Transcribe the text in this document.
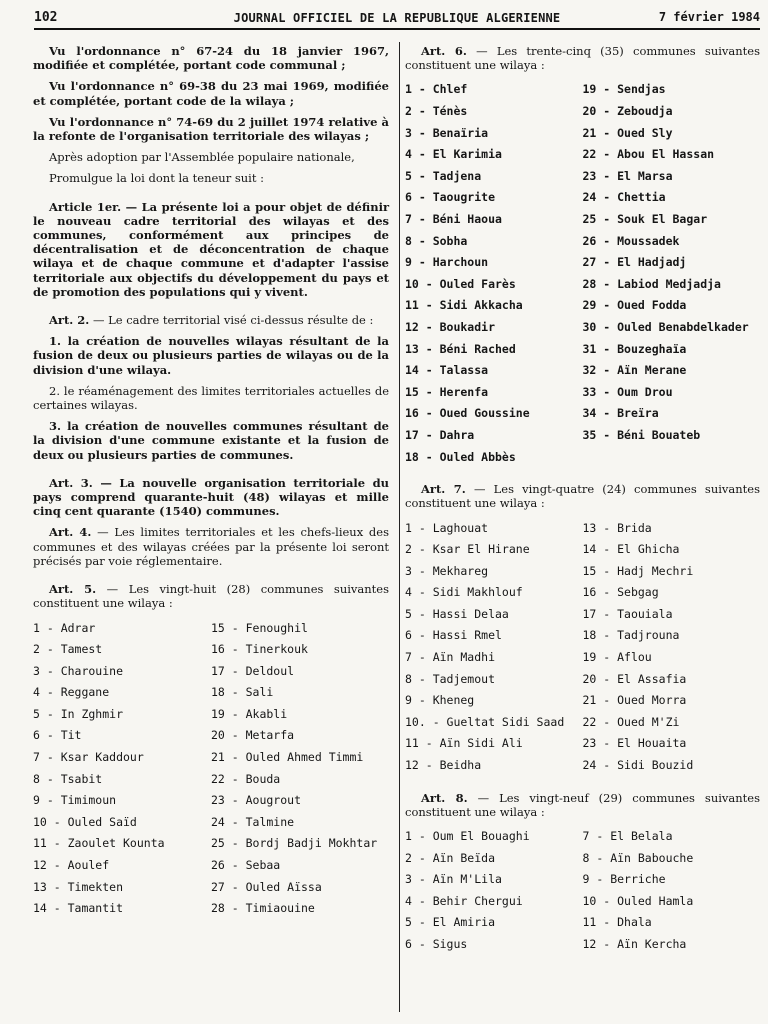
102	JOURNAL OFFICIEL DE LA REPUBLIQUE ALGERIENNE	7 février 1984

Vu l'ordonnance n° 67-24 du 18 janvier 1967, modifiée et complétée, portant code communal ;

Vu l'ordonnance n° 69-38 du 23 mai 1969, modifiée et complétée, portant code de la wilaya ;

Vu l'ordonnance n° 74-69 du 2 juillet 1974 relative à la refonte de l'organisation territoriale des wilayas ;

Après adoption par l'Assemblée populaire nationale,

Promulgue la loi dont la teneur suit :

Article 1er. — La présente loi a pour objet de définir le nouveau cadre territorial des wilayas et des communes, conformément aux principes de décentralisation et de déconcentration de chaque wilaya et de chaque commune et d'adapter l'assise territoriale aux objectifs du développement du pays et de promotion des populations qui y vivent.

Art. 2. — Le cadre territorial visé ci-dessus résulte de :

1. la création de nouvelles wilayas résultant de la fusion de deux ou plusieurs parties de wilayas ou de la division d'une wilaya.

2. le réaménagement des limites territoriales actuelles de certaines wilayas.

3. la création de nouvelles communes résultant de la division d'une commune existante et la fusion de deux ou plusieurs parties de communes.

Art. 3. — La nouvelle organisation territoriale du pays comprend quarante-huit (48) wilayas et mille cinq cent quarante (1540) communes.

Art. 4. — Les limites territoriales et les chefs-lieux des communes et des wilayas créées par la présente loi seront précisés par voie réglementaire.

Art. 5. — Les vingt-huit (28) communes suivantes constituent une wilaya :

1 - Adrar
2 - Tamest
3 - Charouine
4 - Reggane
5 - In Zghmir
6 - Tit
7 - Ksar Kaddour
8 - Tsabit
9 - Timimoun
10 - Ouled Saïd
11 - Zaoulet Kounta
12 - Aoulef
13 - Timekten
14 - Tamantit
15 - Fenoughil
16 - Tinerkouk
17 - Deldoul
18 - Sali
19 - Akabli
20 - Metarfa
21 - Ouled Ahmed Timmi
22 - Bouda
23 - Aougrout
24 - Talmine
25 - Bordj Badji Mokhtar
26 - Sebaa
27 - Ouled Aïssa
28 - Timiaouine

Art. 6. — Les trente-cinq (35) communes suivantes constituent une wilaya :

1 - Chlef
2 - Ténès
3 - Benaïria
4 - El Karimia
5 - Tadjena
6 - Taougrite
7 - Béni Haoua
8 - Sobha
9 - Harchoun
10 - Ouled Farès
11 - Sidi Akkacha
12 - Boukadir
13 - Béni Rached
14 - Talassa
15 - Herenfa
16 - Oued Goussine
17 - Dahra
18 - Ouled Abbès
19 - Sendjas
20 - Zeboudja
21 - Oued Sly
22 - Abou El Hassan
23 - El Marsa
24 - Chettia
25 - Souk El Bagar
26 - Moussadek
27 - El Hadjadj
28 - Labiod Medjadja
29 - Oued Fodda
30 - Ouled Benabdelkader
31 - Bouzeghaïa
32 - Aïn Merane
33 - Oum Drou
34 - Breïra
35 - Béni Bouateb

Art. 7. — Les vingt-quatre (24) communes suivantes constituent une wilaya :

1 - Laghouat
2 - Ksar El Hirane
3 - Mekhareg
4 - Sidi Makhlouf
5 - Hassi Delaa
6 - Hassi Rmel
7 - Aïn Madhi
8 - Tadjemout
9 - Kheneg
10. - Gueltat Sidi Saad
11 - Aïn Sidi Ali
12 - Beidha
13 - Brida
14 - El Ghicha
15 - Hadj Mechri
16 - Sebgag
17 - Taouiala
18 - Tadjrouna
19 - Aflou
20 - El Assafia
21 - Oued Morra
22 - Oued M'Zi
23 - El Houaita
24 - Sidi Bouzid

Art. 8. — Les vingt-neuf (29) communes suivantes constituent une wilaya :

1 - Oum El Bouaghi
2 - Aïn Beïda
3 - Aïn M'Lila
4 - Behir Chergui
5 - El Amiria
6 - Sigus
7 - El Belala
8 - Aïn Babouche
9 - Berriche
10 - Ouled Hamla
11 - Dhala
12 - Aïn Kercha
